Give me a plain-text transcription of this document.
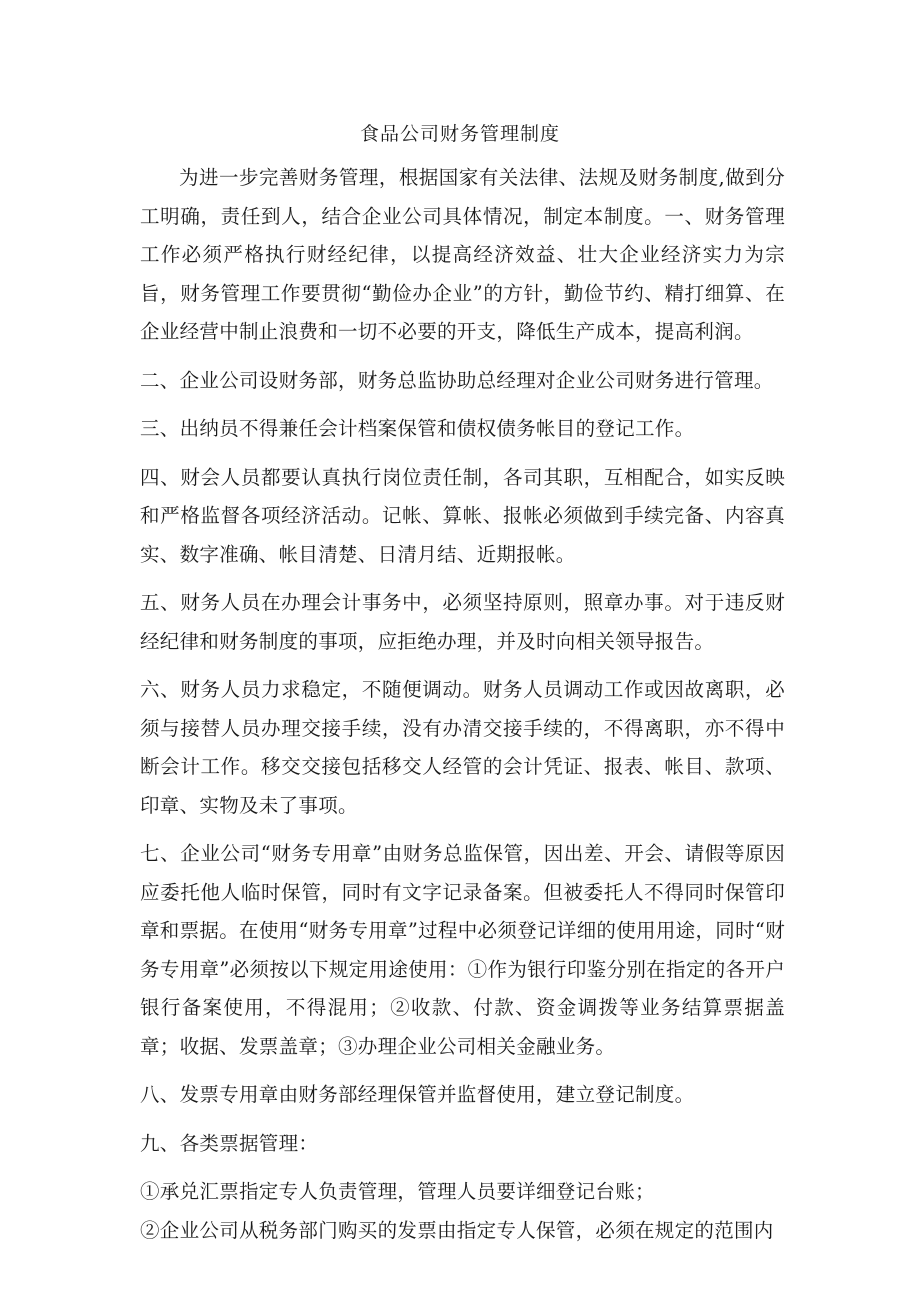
食品公司财务管理制度

为进一步完善财务管理，根据国家有关法律、法规及财务制度,做到分工明确，责任到人，结合企业公司具体情况，制定本制度。一、财务管理工作必须严格执行财经纪律，以提高经济效益、壮大企业经济实力为宗旨，财务管理工作要贯彻“勤俭办企业”的方针，勤俭节约、精打细算、在企业经营中制止浪费和一切不必要的开支，降低生产成本，提高利润。

二、企业公司设财务部，财务总监协助总经理对企业公司财务进行管理。

三、出纳员不得兼任会计档案保管和债权债务帐目的登记工作。

四、财会人员都要认真执行岗位责任制，各司其职，互相配合，如实反映和严格监督各项经济活动。记帐、算帐、报帐必须做到手续完备、内容真实、数字准确、帐目清楚、日清月结、近期报帐。

五、财务人员在办理会计事务中，必须坚持原则，照章办事。对于违反财经纪律和财务制度的事项，应拒绝办理，并及时向相关领导报告。

六、财务人员力求稳定，不随便调动。财务人员调动工作或因故离职，必须与接替人员办理交接手续，没有办清交接手续的，不得离职，亦不得中断会计工作。移交交接包括移交人经管的会计凭证、报表、帐目、款项、印章、实物及未了事项。

七、企业公司“财务专用章”由财务总监保管，因出差、开会、请假等原因应委托他人临时保管，同时有文字记录备案。但被委托人不得同时保管印章和票据。在使用“财务专用章”过程中必须登记详细的使用用途，同时“财务专用章”必须按以下规定用途使用：①作为银行印鉴分别在指定的各开户银行备案使用，不得混用；②收款、付款、资金调拨等业务结算票据盖章；收据、发票盖章；③办理企业公司相关金融业务。

八、发票专用章由财务部经理保管并监督使用，建立登记制度。

九、各类票据管理：

①承兑汇票指定专人负责管理，管理人员要详细登记台账；

②企业公司从税务部门购买的发票由指定专人保管，必须在规定的范围内
